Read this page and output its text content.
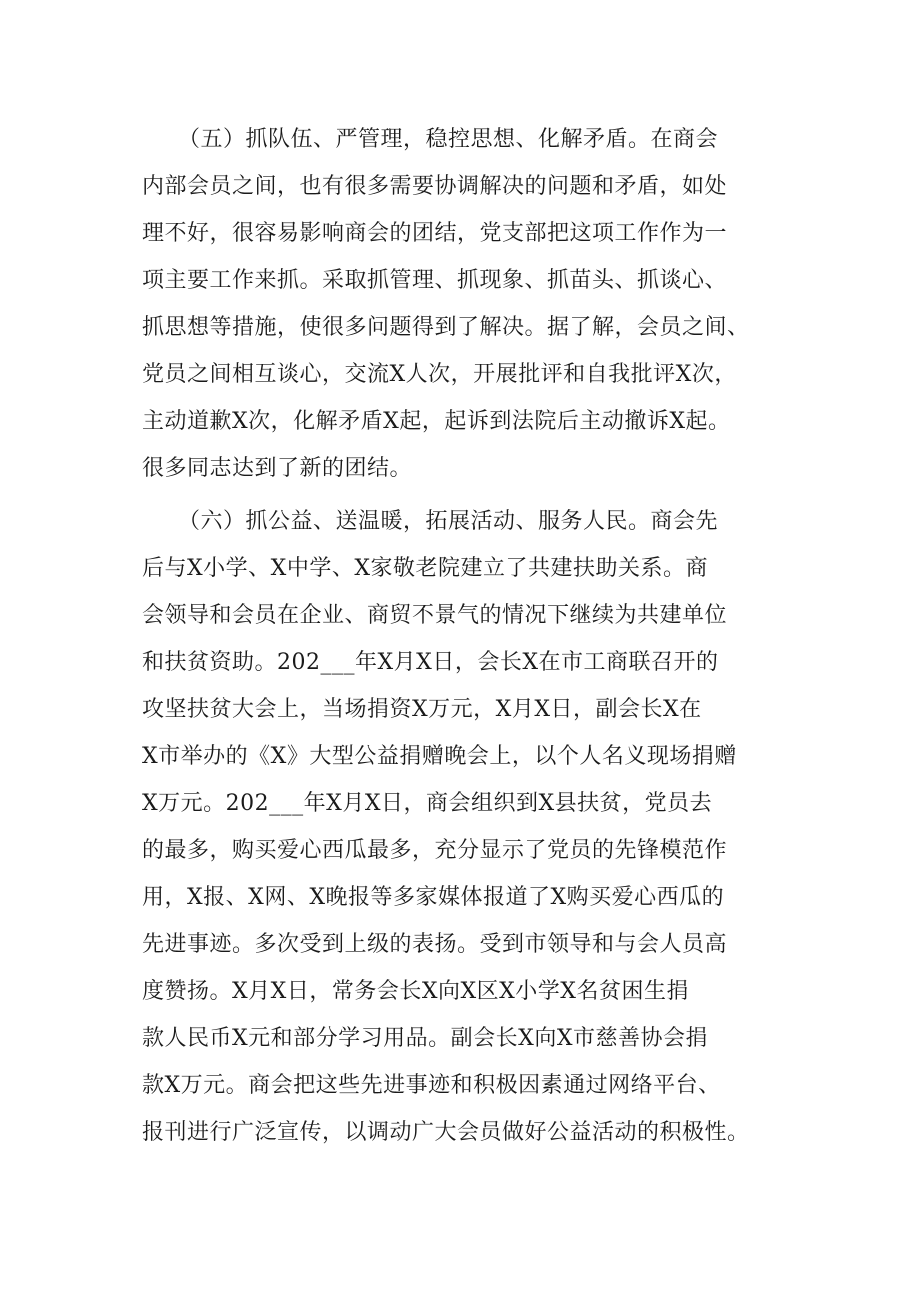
（五）抓队伍、严管理，稳控思想、化解矛盾。在商会
内部会员之间，也有很多需要协调解决的问题和矛盾，如处
理不好，很容易影响商会的团结，党支部把这项工作作为一
项主要工作来抓。采取抓管理、抓现象、抓苗头、抓谈心、
抓思想等措施，使很多问题得到了解决。据了解，会员之间、
党员之间相互谈心，交流X人次，开展批评和自我批评X次，
主动道歉X次，化解矛盾X起，起诉到法院后主动撤诉X起。
很多同志达到了新的团结。
（六）抓公益、送温暖，拓展活动、服务人民。商会先
后与X小学、X中学、X家敬老院建立了共建扶助关系。商
会领导和会员在企业、商贸不景气的情况下继续为共建单位
和扶贫资助。202___年X月X日，会长X在市工商联召开的
攻坚扶贫大会上，当场捐资X万元，X月X日，副会长X在
X市举办的《X》大型公益捐赠晚会上，以个人名义现场捐赠
X万元。202___年X月X日，商会组织到X县扶贫，党员去
的最多，购买爱心西瓜最多，充分显示了党员的先锋模范作
用，X报、X网、X晚报等多家媒体报道了X购买爱心西瓜的
先进事迹。多次受到上级的表扬。受到市领导和与会人员高
度赞扬。X月X日，常务会长X向X区X小学X名贫困生捐
款人民币X元和部分学习用品。副会长X向X市慈善协会捐
款X万元。商会把这些先进事迹和积极因素通过网络平台、
报刊进行广泛宣传，以调动广大会员做好公益活动的积极性。
